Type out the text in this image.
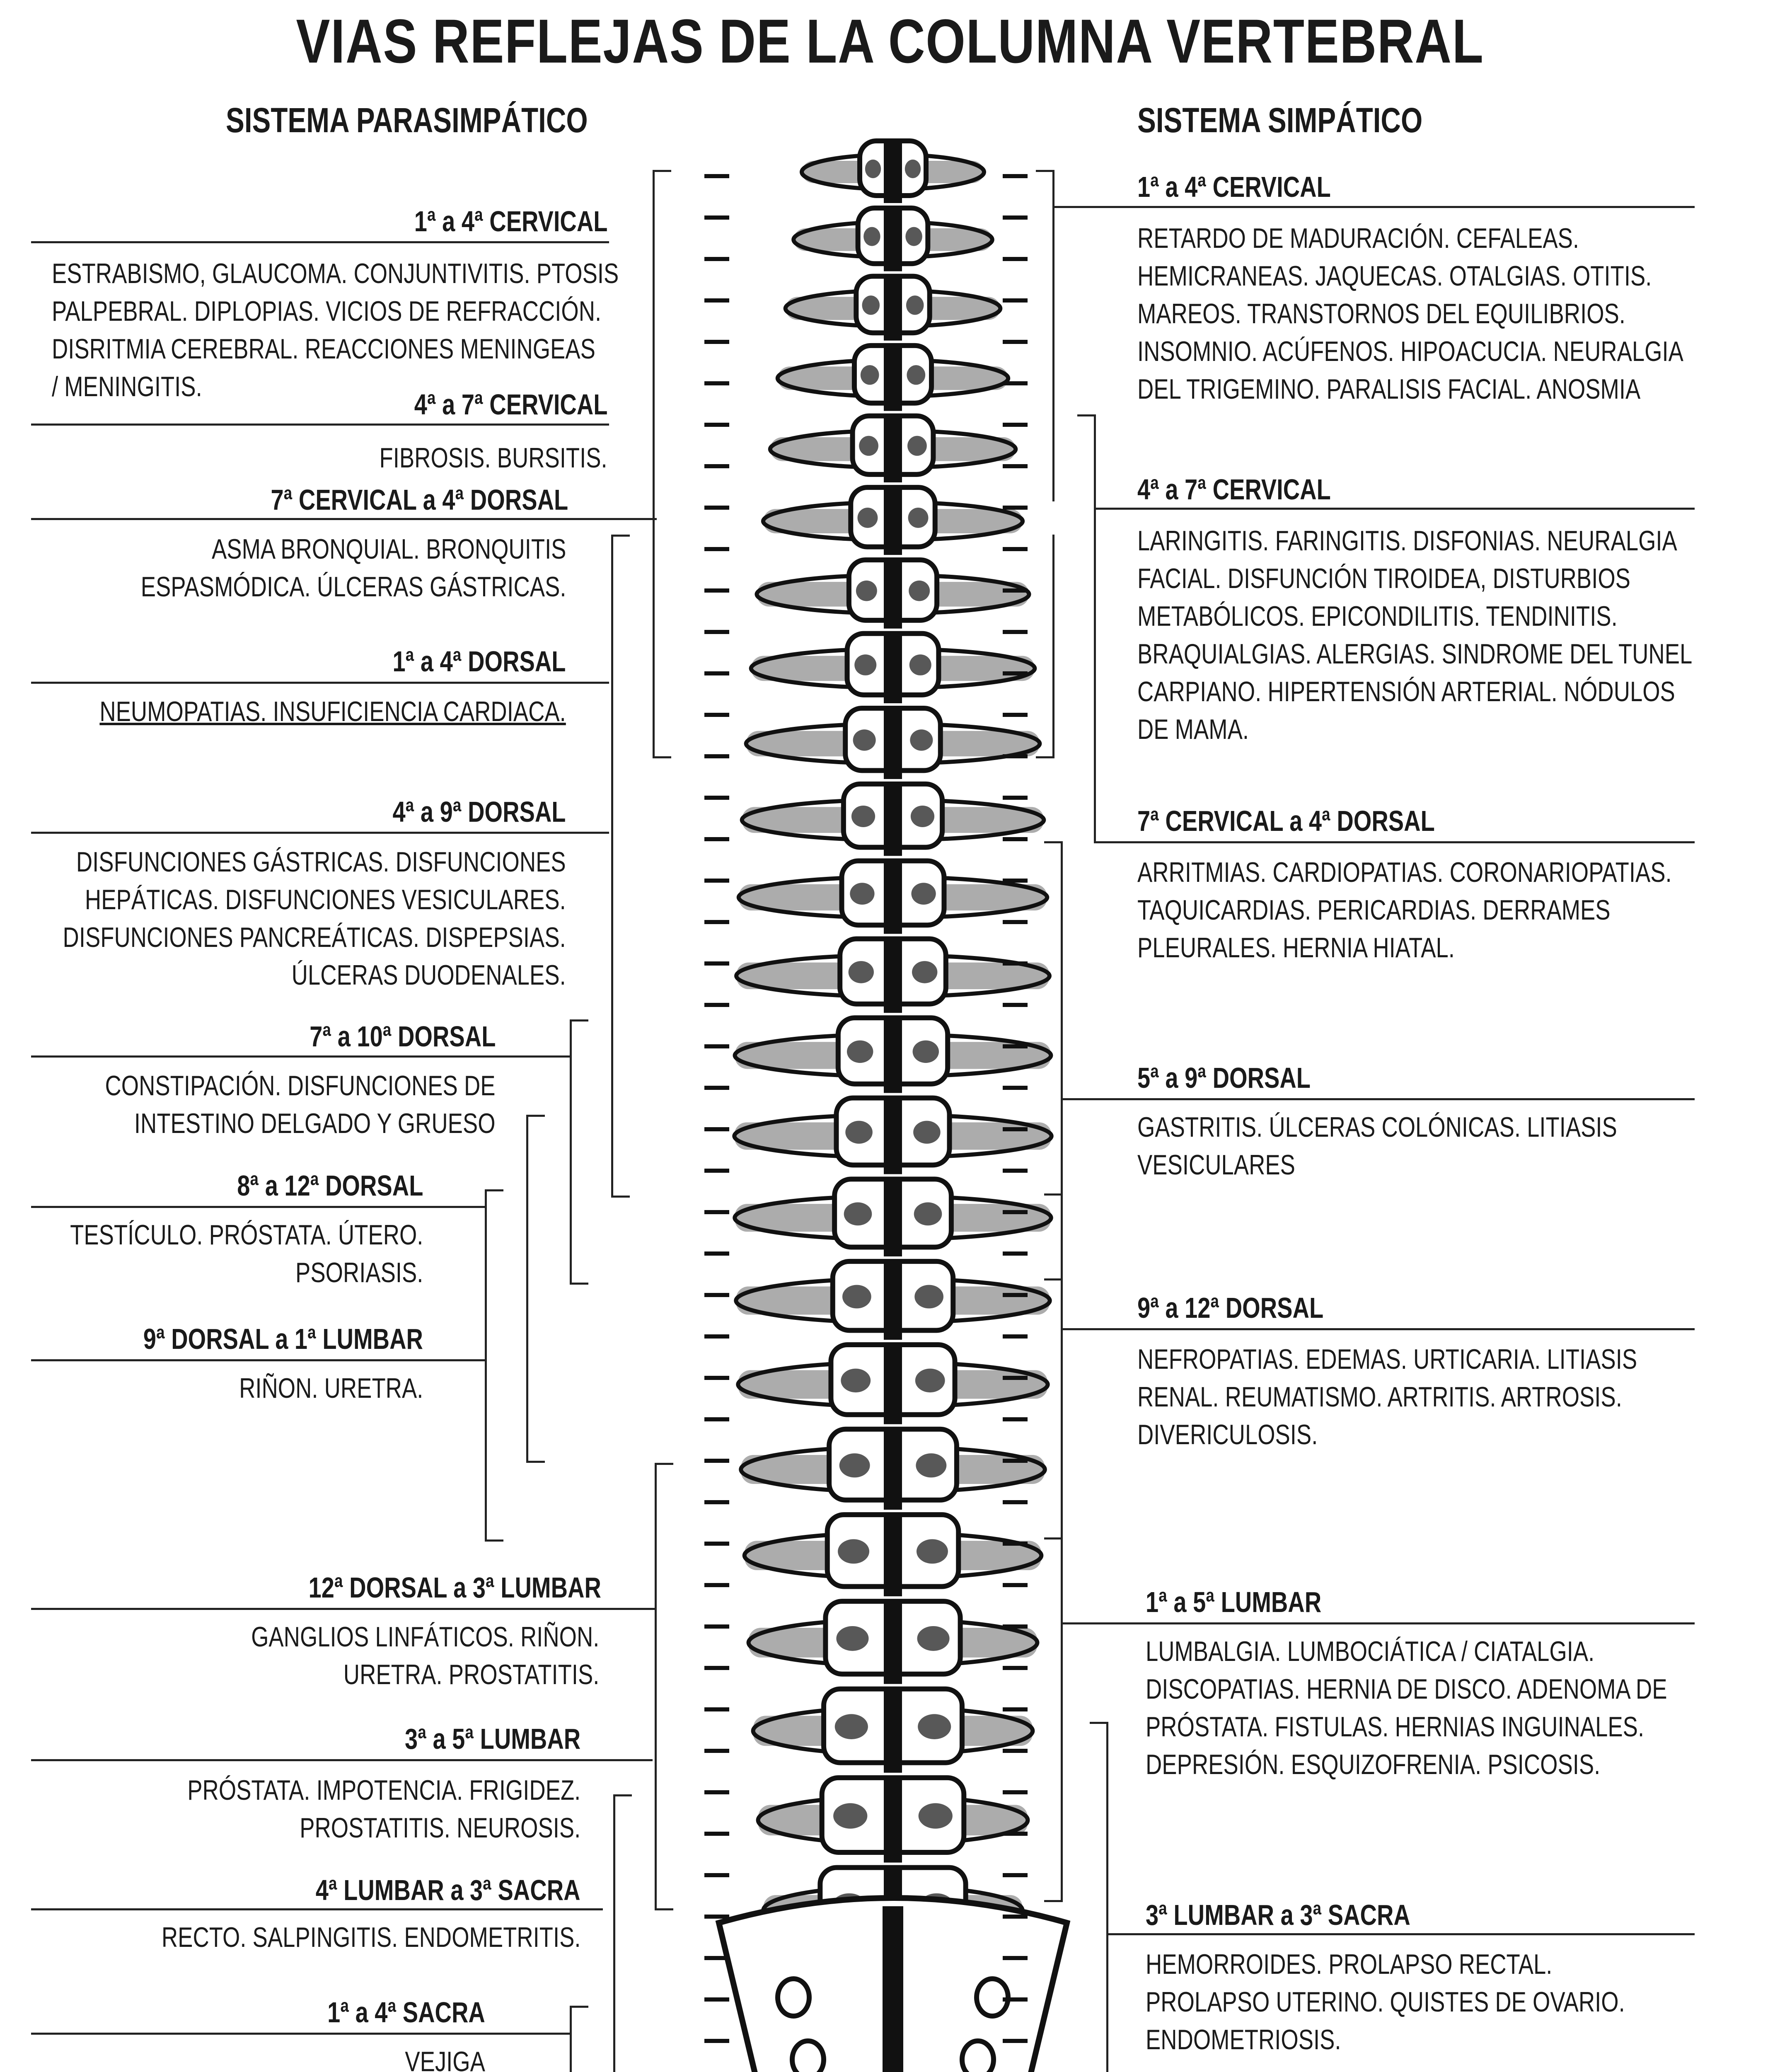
VIAS REFLEJAS DE LA COLUMNA VERTEBRAL
SISTEMA PARASIMPÁTICO	SISTEMA SIMPÁTICO
1ª a 4ª CERVICAL
ESTRABISMO, GLAUCOMA. CONJUNTIVITIS. PTOSIS
PALPEBRAL. DIPLOPIAS. VICIOS DE REFRACCIÓN.
DISRITMIA CEREBRAL. REACCIONES MENINGEAS
/ MENINGITIS.
4ª a 7ª CERVICAL
FIBROSIS. BURSITIS.
7ª CERVICAL a 4ª DORSAL
ASMA BRONQUIAL. BRONQUITIS
ESPASMÓDICA. ÚLCERAS GÁSTRICAS.
1ª a 4ª DORSAL
NEUMOPATIAS. INSUFICIENCIA CARDIACA.
4ª a 9ª DORSAL
DISFUNCIONES GÁSTRICAS. DISFUNCIONES
HEPÁTICAS. DISFUNCIONES VESICULARES.
DISFUNCIONES PANCREÁTICAS. DISPEPSIAS.
ÚLCERAS DUODENALES.
7ª a 10ª DORSAL
CONSTIPACIÓN. DISFUNCIONES DE
INTESTINO DELGADO Y GRUESO
8ª a 12ª DORSAL
TESTÍCULO. PRÓSTATA. ÚTERO.
PSORIASIS.
9ª DORSAL a 1ª LUMBAR
RIÑON. URETRA.
12ª DORSAL a 3ª LUMBAR
GANGLIOS LINFÁTICOS. RIÑON.
URETRA. PROSTATITIS.
3ª a 5ª LUMBAR
PRÓSTATA. IMPOTENCIA. FRIGIDEZ.
PROSTATITIS. NEUROSIS.
4ª LUMBAR a 3ª SACRA
RECTO. SALPINGITIS. ENDOMETRITIS.
1ª a 4ª SACRA
VEJIGA
1ª a 4ª CERVICAL
RETARDO DE MADURACIÓN. CEFALEAS.
HEMICRANEAS. JAQUECAS. OTALGIAS. OTITIS.
MAREOS. TRANSTORNOS DEL EQUILIBRIOS.
INSOMNIO. ACÚFENOS. HIPOACUCIA. NEURALGIA
DEL TRIGEMINO. PARALISIS FACIAL. ANOSMIA
4ª a 7ª CERVICAL
LARINGITIS. FARINGITIS. DISFONIAS. NEURALGIA
FACIAL. DISFUNCIÓN TIROIDEA, DISTURBIOS
METABÓLICOS. EPICONDILITIS. TENDINITIS.
BRAQUIALGIAS. ALERGIAS. SINDROME DEL TUNEL
CARPIANO. HIPERTENSIÓN ARTERIAL. NÓDULOS
DE MAMA.
7ª CERVICAL a 4ª DORSAL
ARRITMIAS. CARDIOPATIAS. CORONARIOPATIAS.
TAQUICARDIAS. PERICARDIAS. DERRAMES
PLEURALES. HERNIA HIATAL.
5ª a 9ª DORSAL
GASTRITIS. ÚLCERAS COLÓNICAS. LITIASIS
VESICULARES
9ª a 12ª DORSAL
NEFROPATIAS. EDEMAS. URTICARIA. LITIASIS
RENAL. REUMATISMO. ARTRITIS. ARTROSIS.
DIVERICULOSIS.
1ª a 5ª LUMBAR
LUMBALGIA. LUMBOCIÁTICA / CIATALGIA.
DISCOPATIAS. HERNIA DE DISCO. ADENOMA DE
PRÓSTATA. FISTULAS. HERNIAS INGUINALES.
DEPRESIÓN. ESQUIZOFRENIA. PSICOSIS.
3ª LUMBAR a 3ª SACRA
HEMORROIDES. PROLAPSO RECTAL.
PROLAPSO UTERINO. QUISTES DE OVARIO.
ENDOMETRIOSIS.
